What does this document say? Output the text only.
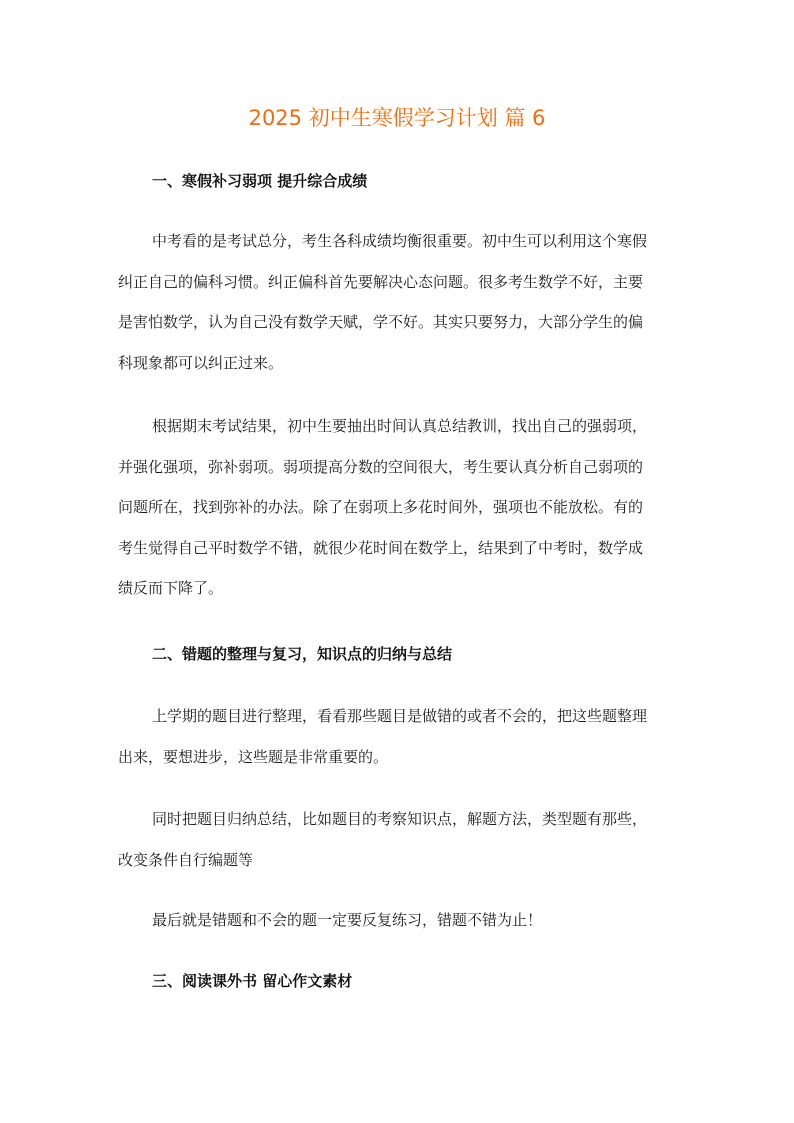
2025 初中生寒假学习计划 篇 6
一、寒假补习弱项 提升综合成绩
中考看的是考试总分，考生各科成绩均衡很重要。初中生可以利用这个寒假
纠正自己的偏科习惯。纠正偏科首先要解决心态问题。很多考生数学不好，主要
是害怕数学，认为自己没有数学天赋，学不好。其实只要努力，大部分学生的偏
科现象都可以纠正过来。
根据期末考试结果，初中生要抽出时间认真总结教训，找出自己的强弱项，
并强化强项，弥补弱项。弱项提高分数的空间很大，考生要认真分析自己弱项的
问题所在，找到弥补的办法。除了在弱项上多花时间外，强项也不能放松。有的
考生觉得自己平时数学不错，就很少花时间在数学上，结果到了中考时，数学成
绩反而下降了。
二、错题的整理与复习，知识点的归纳与总结
上学期的题目进行整理，看看那些题目是做错的或者不会的，把这些题整理
出来，要想进步，这些题是非常重要的。
同时把题目归纳总结，比如题目的考察知识点，解题方法，类型题有那些，
改变条件自行编题等
最后就是错题和不会的题一定要反复练习，错题不错为止！
三、阅读课外书 留心作文素材
